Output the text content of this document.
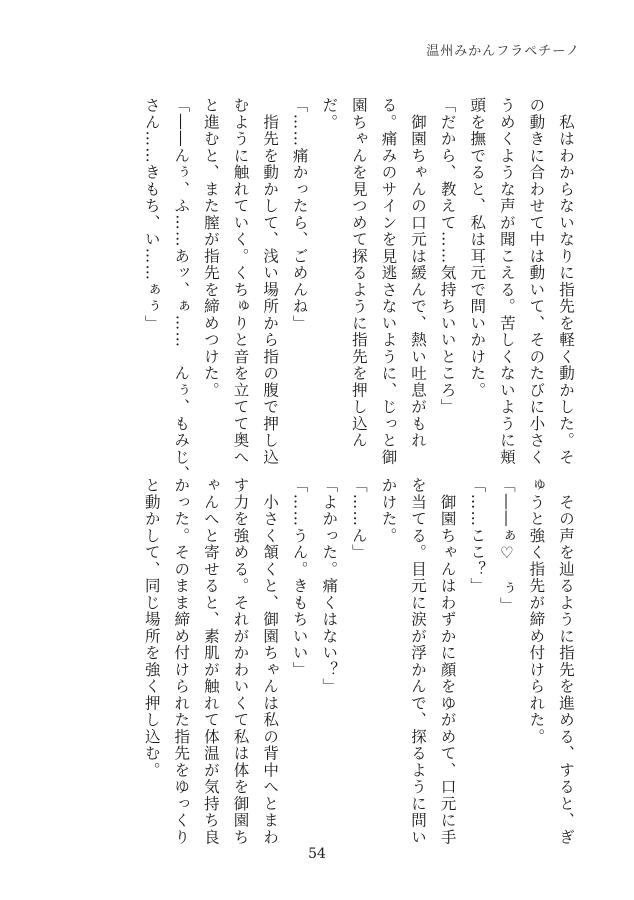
温州みかんフラペチーノ
　私はわからないなりに指先を軽く動かした。そ
の動きに合わせて中は動いて、そのたびに小さく
うめくような声が聞こえる。苦しくないように頬
頭を撫でると、私は耳元で問いかけた。
「だから、教えて……気持ちいいところ」
　御園ちゃんの口元は緩んで、熱い吐息がもれ
る。痛みのサインを見逃さないように、じっと御
園ちゃんを見つめて探るように指先を押し込ん
だ。
「……痛かったら、ごめんね」
　指先を動かして、浅い場所から指の腹で押し込
むように触れていく。くちゅりと音を立てて奥へ
と進むと、また膣が指先を締めつけた。
「――んぅ、ふ……あッ、ぁ……　んぅ、もみじ、
さん……きもち、い……ぁぅ」
　その声を辿るように指先を進める、すると、ぎ
ゅうと強く指先が締め付けられた。
「――ぁ♡　ぅ」
「……ここ？」
　御園ちゃんはわずかに顔をゆがめて、口元に手
を当てる。目元に涙が浮かんで、探るように問い
かけた。
「……ん」
「よかった。痛くはない？」
「……うん。きもちいい」
　小さく頷くと、御園ちゃんは私の背中へとまわ
す力を強める。それがかわいくて私は体を御園ち
ゃんへと寄せると、素肌が触れて体温が気持ち良
かった。そのまま締め付けられた指先をゆっくり
と動かして、同じ場所を強く押し込む。
54
